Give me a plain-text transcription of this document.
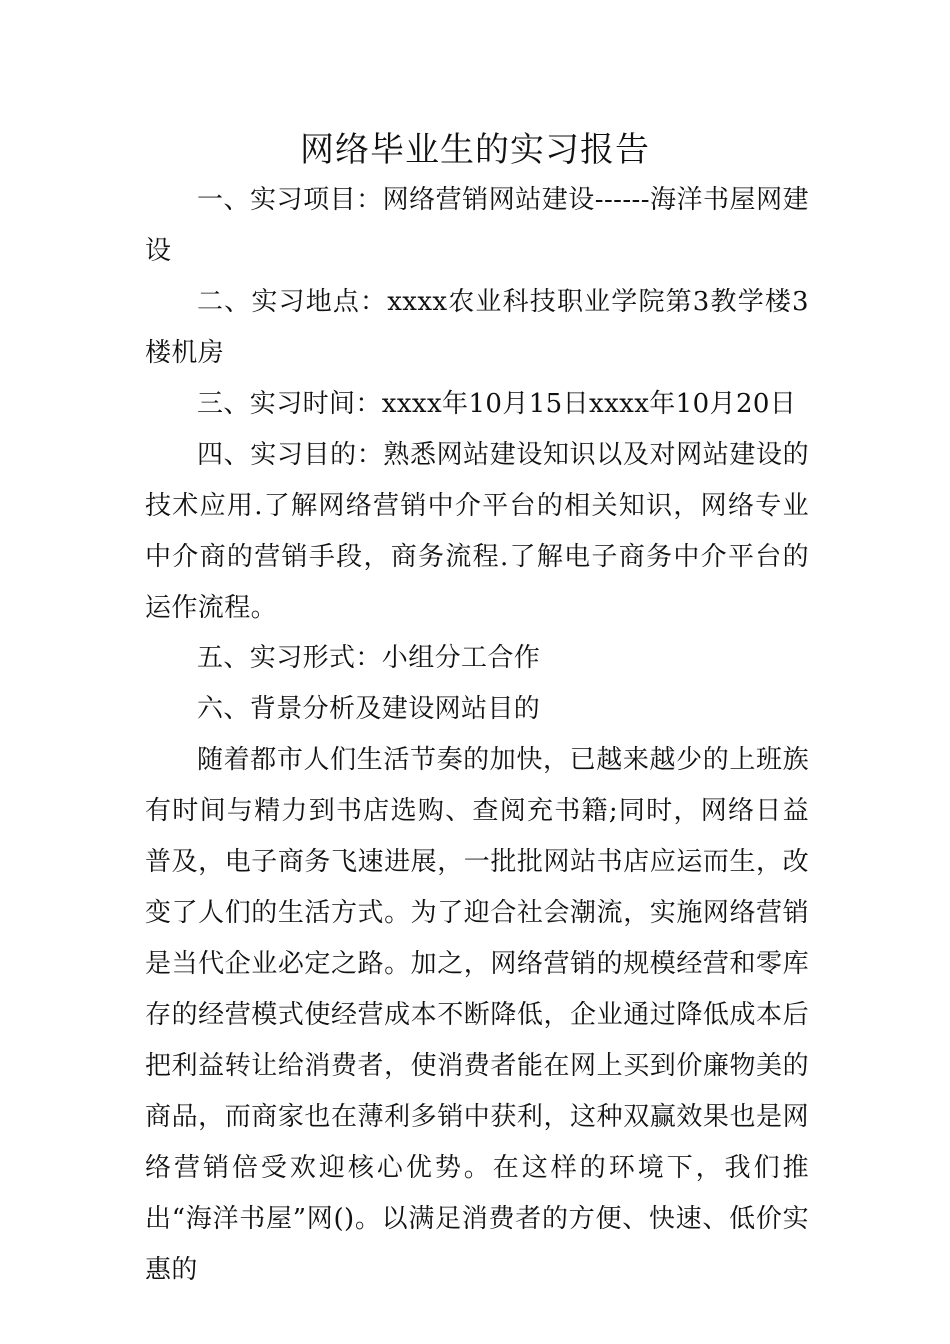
网络毕业生的实习报告

一、实习项目：网络营销网站建设------海洋书屋网建设

二、实习地点：xxxx农业科技职业学院第3教学楼3楼机房

三、实习时间：xxxx年10月15日xxxx年10月20日

四、实习目的：熟悉网站建设知识以及对网站建设的技术应用.了解网络营销中介平台的相关知识，网络专业中介商的营销手段，商务流程.了解电子商务中介平台的运作流程。

五、实习形式：小组分工合作

六、背景分析及建设网站目的

随着都市人们生活节奏的加快，已越来越少的上班族有时间与精力到书店选购、查阅充书籍;同时，网络日益普及，电子商务飞速进展，一批批网站书店应运而生，改变了人们的生活方式。为了迎合社会潮流，实施网络营销是当代企业必定之路。加之，网络营销的规模经营和零库存的经营模式使经营成本不断降低，企业通过降低成本后把利益转让给消费者，使消费者能在网上买到价廉物美的商品，而商家也在薄利多销中获利，这种双赢效果也是网络营销倍受欢迎核心优势。在这样的环境下，我们推出“海洋书屋”网()。以满足消费者的方便、快速、低价实惠的
